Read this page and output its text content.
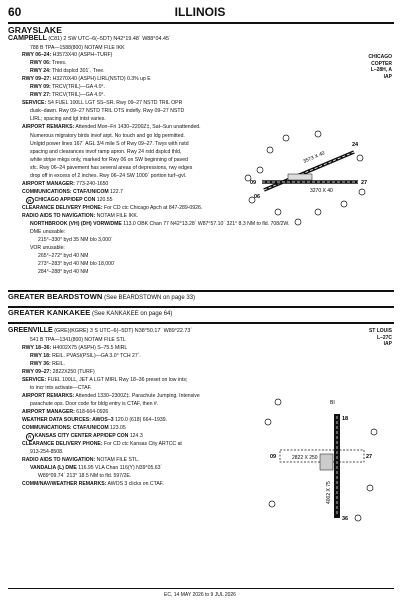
60	ILLINOIS
GRAYSLAKE
CAMPBELL (C81) 2 SW UTC–6(–5DT) N42°19.48´ W88°04.45´
788 B TPA—1588(800) NOTAM FILE IKK
CHICAGO
COPTER
L–28H, A
IAP
RWY 06–24: H3573X40 (ASPH–TURF)
RWY 06: Trees.
RWY 24: Thld dsplcd 301´. Tree.
RWY 09–27: H3270X40 (ASPH) LIRL(NSTD) 0.3% up E
RWY 09: TRCV(TRIL)—GA 4.0°.
RWY 27: TRCV(TRIL)—GA 4.0°.
SERVICE: S4 FUEL 100LL LGT SS–SR. Rwy 09–27 NSTD TRIL OPR
dusk–dawn. Rwy 09–27 NSTD TRIL OTS indefly. Rwy 09–27 NSTD
LIRL; spacing and lgt intst varies.
AIRPORT REMARKS: Attended Mon–Fri 1430–2200Z‡, Sat–Sun unattended.
Numerous migratory birds invof arpt. No touch and go ldg permitted.
Unlgtd power lines 167´ AGL 3/4 mile S of Rwy 09–27. Twys with nstd
spacing and clearances invof ramp apron. Rwy 24 rstd dsplcd thld,
white stripe mkgs only, marked for Rwy 06 on SW beginning of paved
sfc. Rwy 06–24 pavement has several areas of depressions, rwy edges
drop off in excess of 2 inches. Rwy 06–24 SW 1000´ portion turf–gvl.
AIRPORT MANAGER: 773-240-1650
COMMUNICATIONS: CTAF/UNICOM 122.7
R CHICAGO APP/DEP CON 120.55
CLEARANCE DELIVERY PHONE: For CD ctc Chicago Apch at 847-289-0926.
RADIO AIDS TO NAVIGATION: NOTAM FILE IKK.
NORTHBROOK (VH) (DH) VORW/DME 113.0 OBK Chan 77 N42°13.28´ W87°57.10´ 321° 8.3 NM to fld. 708/2W.
DME unusable:
215°–330° byd 35 NM blo 3,000´
VOR unusable:
265°–272° byd 40 NM
273°–283° byd 40 NM blo 18,000´
284°–288° byd 40 NM
3573 X 40
3270 X 40
24
06
09	27
GREATER BEARDSTOWN (See BEARDSTOWN on page 33)
GREATER KANKAKEE (See KANKAKEE on page 64)
GREENVILLE (GRE)(KGRE) 3 S UTC–6(–5DT) N38°50.17´ W89°22.73´
541 B TPA—1341(800) NOTAM FILE STL
ST LOUIS
L–27C
IAP
RWY 18–36: H4002X75 (ASPH) S–75.5 MIRL
RWY 18: REIL. PVASI(PSIL)—GA 3.0° TCH 27´.
RWY 36: REIL.
RWY 09–27: 2822X250 (TURF)
SERVICE: FUEL 100LL, JET A LGT MIRL Rwy 18–36 preset on low ints;
to incr ints activate—CTAF.
AIRPORT REMARKS: Attended 1330–2300Z‡. Parachute Jumping. Intensive
parachute ops. Door code for bldg entry is CTAF, then #.
AIRPORT MANAGER: 618-664-0926
WEATHER DATA SOURCES: AWOS–3 120.0 (618) 664–1939.
COMMUNICATIONS: CTAF/UNICOM 123.05
R KANSAS CITY CENTER APP/DEP CON 124.3
CLEARANCE DELIVERY PHONE: For CD ctc Kansas City ARTCC at
913-254-8508.
RADIO AIDS TO NAVIGATION: NOTAM FILE STL.
VANDALIA (L) DME 116.95 VLA Chan 116(Y) N39°05.63´
W89°09.74´ 213° 18.5 NM to fld. 597/2E.
COMM/NAV/WEATHER REMARKS: AWOS 3 clicks on CTAF.
BI
2822 X 250
4002 X 75
18
36
09	27
EC, 14 MAY 2026 to 9 JUL 2026
